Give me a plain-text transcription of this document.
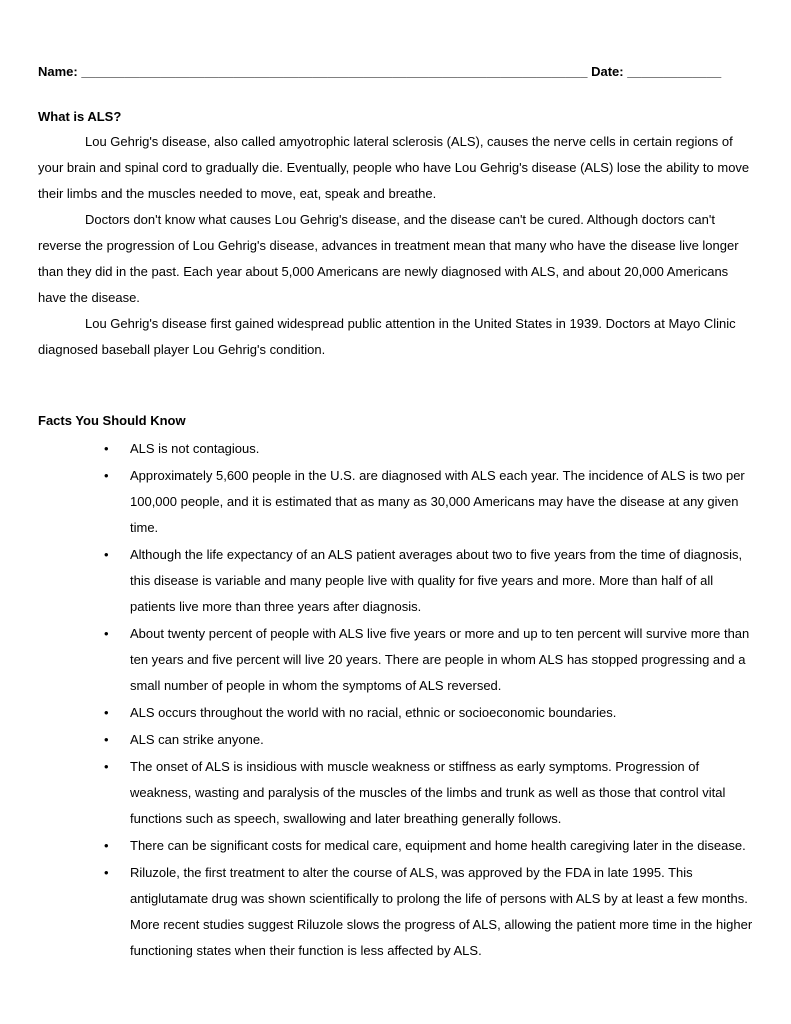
Name: ______________________________________________________________________ Date: _____________
What is ALS?

Lou Gehrig's disease, also called amyotrophic lateral sclerosis (ALS), causes the nerve cells in certain regions of your brain and spinal cord to gradually die. Eventually, people who have Lou Gehrig's disease (ALS) lose the ability to move their limbs and the muscles needed to move, eat, speak and breathe.

Doctors don't know what causes Lou Gehrig's disease, and the disease can't be cured. Although doctors can't reverse the progression of Lou Gehrig's disease, advances in treatment mean that many who have the disease live longer than they did in the past. Each year about 5,000 Americans are newly diagnosed with ALS, and about 20,000 Americans have the disease.

Lou Gehrig's disease first gained widespread public attention in the United States in 1939. Doctors at Mayo Clinic diagnosed baseball player Lou Gehrig's condition.

Facts You Should Know
• ALS is not contagious.
• Approximately 5,600 people in the U.S. are diagnosed with ALS each year. The incidence of ALS is two per 100,000 people, and it is estimated that as many as 30,000 Americans may have the disease at any given time.
• Although the life expectancy of an ALS patient averages about two to five years from the time of diagnosis, this disease is variable and many people live with quality for five years and more. More than half of all patients live more than three years after diagnosis.
• About twenty percent of people with ALS live five years or more and up to ten percent will survive more than ten years and five percent will live 20 years. There are people in whom ALS has stopped progressing and a small number of people in whom the symptoms of ALS reversed.
• ALS occurs throughout the world with no racial, ethnic or socioeconomic boundaries.
• ALS can strike anyone.
• The onset of ALS is insidious with muscle weakness or stiffness as early symptoms. Progression of weakness, wasting and paralysis of the muscles of the limbs and trunk as well as those that control vital functions such as speech, swallowing and later breathing generally follows.
• There can be significant costs for medical care, equipment and home health caregiving later in the disease.
• Riluzole, the first treatment to alter the course of ALS, was approved by the FDA in late 1995. This antiglutamate drug was shown scientifically to prolong the life of persons with ALS by at least a few months. More recent studies suggest Riluzole slows the progress of ALS, allowing the patient more time in the higher functioning states when their function is less affected by ALS.
